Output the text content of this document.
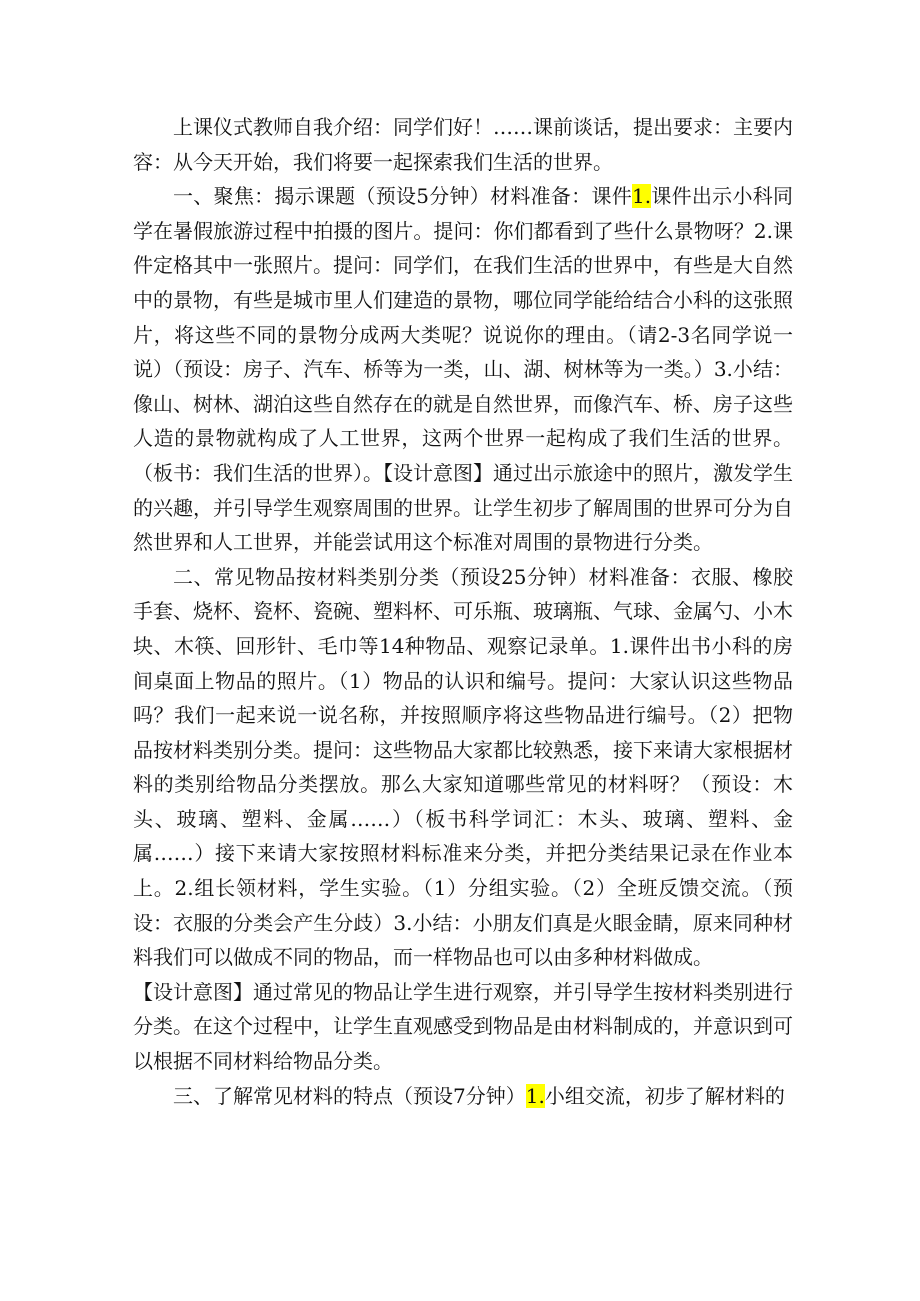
上课仪式教师自我介绍：同学们好！……课前谈话，提出要求：主要内容：从今天开始，我们将要一起探索我们生活的世界。

一、聚焦：揭示课题（预设5分钟）材料准备：课件1.课件出示小科同学在暑假旅游过程中拍摄的图片。提问：你们都看到了些什么景物呀？2.课件定格其中一张照片。提问：同学们，在我们生活的世界中，有些是大自然中的景物，有些是城市里人们建造的景物，哪位同学能给结合小科的这张照片，将这些不同的景物分成两大类呢？说说你的理由。（请2-3名同学说一说）（预设：房子、汽车、桥等为一类，山、湖、树林等为一类。）3.小结：像山、树林、湖泊这些自然存在的就是自然世界，而像汽车、桥、房子这些人造的景物就构成了人工世界，这两个世界一起构成了我们生活的世界。（板书：我们生活的世界）。【设计意图】通过出示旅途中的照片，激发学生的兴趣，并引导学生观察周围的世界。让学生初步了解周围的世界可分为自然世界和人工世界，并能尝试用这个标准对周围的景物进行分类。

二、常见物品按材料类别分类（预设25分钟）材料准备：衣服、橡胶手套、烧杯、瓷杯、瓷碗、塑料杯、可乐瓶、玻璃瓶、气球、金属勺、小木块、木筷、回形针、毛巾等14种物品、观察记录单。1.课件出书小科的房间桌面上物品的照片。（1）物品的认识和编号。提问：大家认识这些物品吗？我们一起来说一说名称，并按照顺序将这些物品进行编号。（2）把物品按材料类别分类。提问：这些物品大家都比较熟悉，接下来请大家根据材料的类别给物品分类摆放。那么大家知道哪些常见的材料呀？（预设：木头、玻璃、塑料、金属……）（板书科学词汇：木头、玻璃、塑料、金属……）接下来请大家按照材料标准来分类，并把分类结果记录在作业本上。2.组长领材料，学生实验。（1）分组实验。（2）全班反馈交流。（预设：衣服的分类会产生分歧）3.小结：小朋友们真是火眼金睛，原来同种材料我们可以做成不同的物品，而一样物品也可以由多种材料做成。

【设计意图】通过常见的物品让学生进行观察，并引导学生按材料类别进行分类。在这个过程中，让学生直观感受到物品是由材料制成的，并意识到可以根据不同材料给物品分类。

三、了解常见材料的特点（预设7分钟）1.小组交流，初步了解材料的
